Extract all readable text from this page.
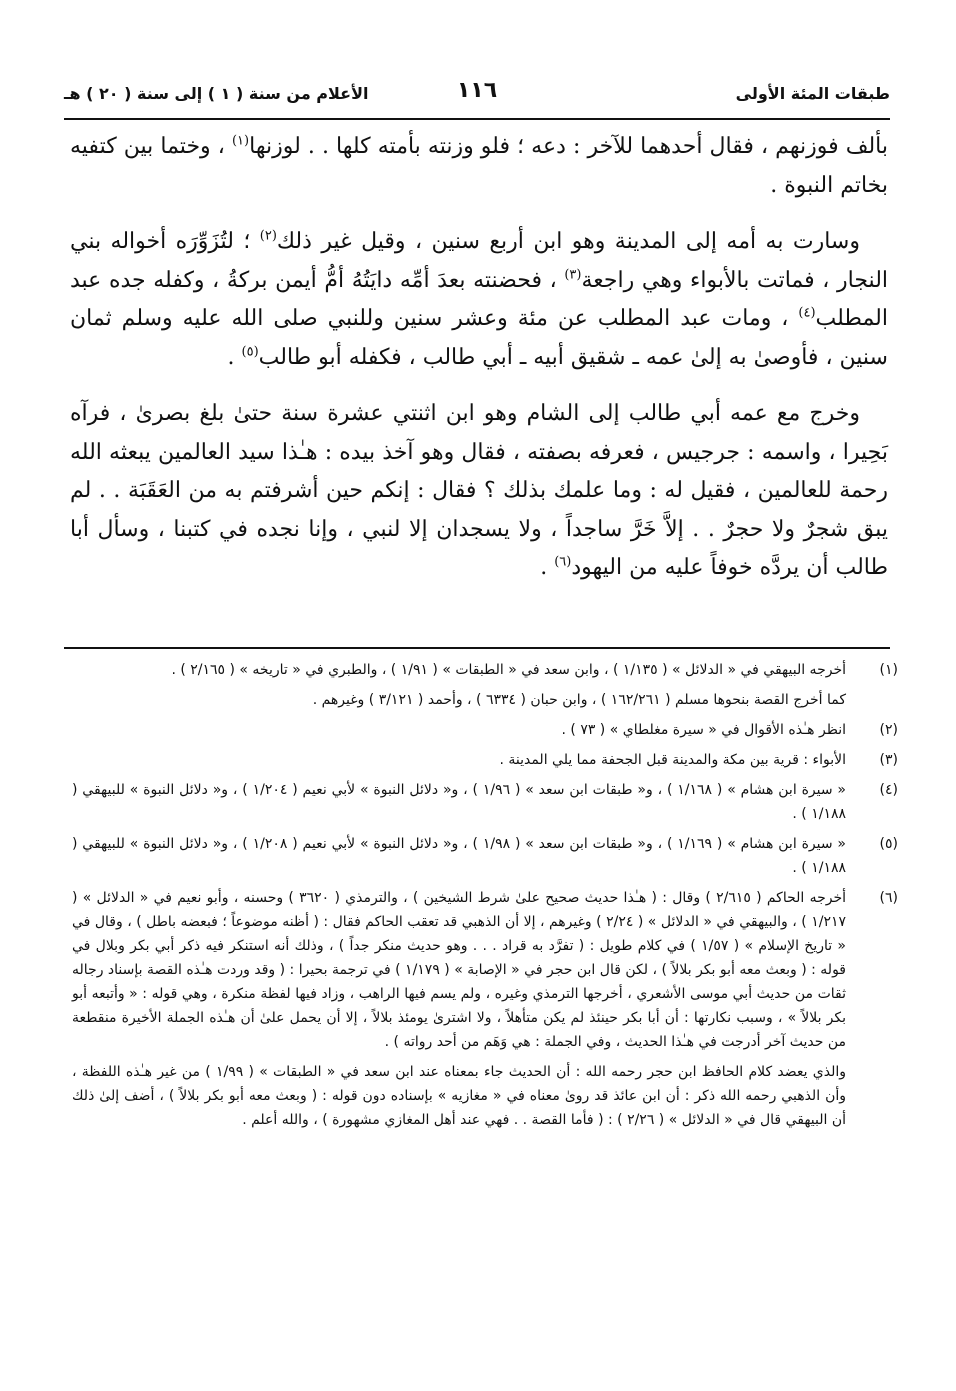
طبقات المئة الأولى
١١٦
الأعلام من سنة ( ١ ) إلى سنة ( ٢٠ ) هـ

بألف فوزنهم ، فقال أحدهما للآخر : دعه ؛ فلو وزنته بأمته كلها . . لوزنها$^{(١)}$ ، وختما بين كتفيه بخاتم النبوة .

وسارت به أمه إلى المدينة وهو ابن أربع سنين ، وقيل غير ذلك$^{(٢)}$ ؛ لتُزَوِّرَه أخواله بني النجار ، فماتت بالأبواء وهي راجعة$^{(٣)}$ ، فحضنته بعدَ أمِّه دايَتُهُ أمُّ أيمن بركةُ ، وكفله جده عبد المطلب$^{(٤)}$ ، ومات عبد المطلب عن مئة وعشر سنين وللنبي صلى الله عليه وسلم ثمان سنين ، فأوصىٰ به إلىٰ عمه ـ شقيق أبيه ـ أبي طالب ، فكفله أبو طالب$^{(٥)}$ .

وخرج مع عمه أبي طالب إلى الشام وهو ابن اثنتي عشرة سنة حتىٰ بلغ بصرىٰ ، فرآه بَحِيرا ، واسمه : جرجيس ، فعرفه بصفته ، فقال وهو آخذ بيده : هـٰذا سيد العالمين يبعثه الله رحمة للعالمين ، فقيل له : وما علمك بذلك ؟ فقال : إنكم حين أشرفتم به من العَقَبَة . . لم يبق شجرٌ ولا حجرٌ . . إلاَّ خَرَّ ساجداً ، ولا يسجدان إلا لنبي ، وإنا نجده في كتبنا ، وسأل أبا طالب أن يردَّه خوفاً عليه من اليهود$^{(٦)}$ .

(١)
أخرجه البيهقي في « الدلائل » ( ١/١٣٥ ) ، وابن سعد في « الطبقات » ( ١/٩١ ) ، والطبري في « تاريخه » ( ٢/١٦٥ ) .
كما أخرج القصة بنحوها مسلم ( ١٦٢/٢٦١ ) ، وابن حبان ( ٦٣٣٤ ) ، وأحمد ( ٣/١٢١ ) وغيرهم .
(٢)
انظر هـٰذه الأقوال في « سيرة مغلطاي » ( ٧٣ ) .
(٣)
الأبواء : قرية بين مكة والمدينة قبل الجحفة مما يلي المدينة .
(٤)
« سيرة ابن هشام » ( ١/١٦٨ ) ، و« طبقات ابن سعد » ( ١/٩٦ ) ، و« دلائل النبوة » لأبي نعيم ( ١/٢٠٤ ) ، و« دلائل النبوة » للبيهقي ( ١/١٨٨ ) .
(٥)
« سيرة ابن هشام » ( ١/١٦٩ ) ، و« طبقات ابن سعد » ( ١/٩٨ ) ، و« دلائل النبوة » لأبي نعيم ( ١/٢٠٨ ) ، و« دلائل النبوة » للبيهقي ( ١/١٨٨ ) .
(٦)
أخرجه الحاكم ( ٢/٦١٥ ) وقال : ( هـٰذا حديث صحيح علىٰ شرط الشيخين ) ، والترمذي ( ٣٦٢٠ ) وحسنه ، وأبو نعيم في « الدلائل » ( ١/٢١٧ ) ، والبيهقي في « الدلائل » ( ٢/٢٤ ) وغيرهم ، إلا أن الذهبي قد تعقب الحاكم فقال : ( أظنه موضوعاً ؛ فبعضه باطل ) ، وقال في « تاريخ الإسلام » ( ١/٥٧ ) في كلام طويل : ( تفرَّد به قراد . . . وهو حديث منكر جداً ) ، وذلك أنه استنكر فيه ذكر أبي بكر وبلال في قوله : ( وبعث معه أبو بكر بلالاً ) ، لكن قال ابن حجر في « الإصابة » ( ١/١٧٩ ) في ترجمة بحيرا : ( وقد وردت هـٰذه القصة بإسناد رجاله ثقات من حديث أبي موسى الأشعري ، أخرجها الترمذي وغيره ، ولم يسم فيها الراهب ، وزاد فيها لفظة منكرة ، وهي قوله : « وأتبعه أبو بكر بلالاً » ، وسبب نكارتها : أن أبا بكر حينئذ لم يكن متأهلاً ، ولا اشترىٰ يومئذ بلالاً ، إلا أن يحمل علىٰ أن هـٰذه الجملة الأخيرة منقطعة من حديث آخر أدرجت في هـٰذا الحديث ، وفي الجملة : هي وَهَم من أحد رواته ) .
والذي يعضد كلام الحافظ ابن حجر رحمه الله : أن الحديث جاء بمعناه عند ابن سعد في « الطبقات » ( ١/٩٩ ) من غير هـٰذه اللفظة ، وأن الذهبي رحمه الله ذكر : أن ابن عائذ قد روىٰ معناه في « مغازيه » بإسناده دون قوله : ( وبعث معه أبو بكر بلالاً ) ، أضف إلىٰ ذلك أن البيهقي قال في « الدلائل » ( ٢/٢٦ ) : ( فأما القصة . . فهي عند أهل المغازي مشهورة ) ، والله أعلم .
